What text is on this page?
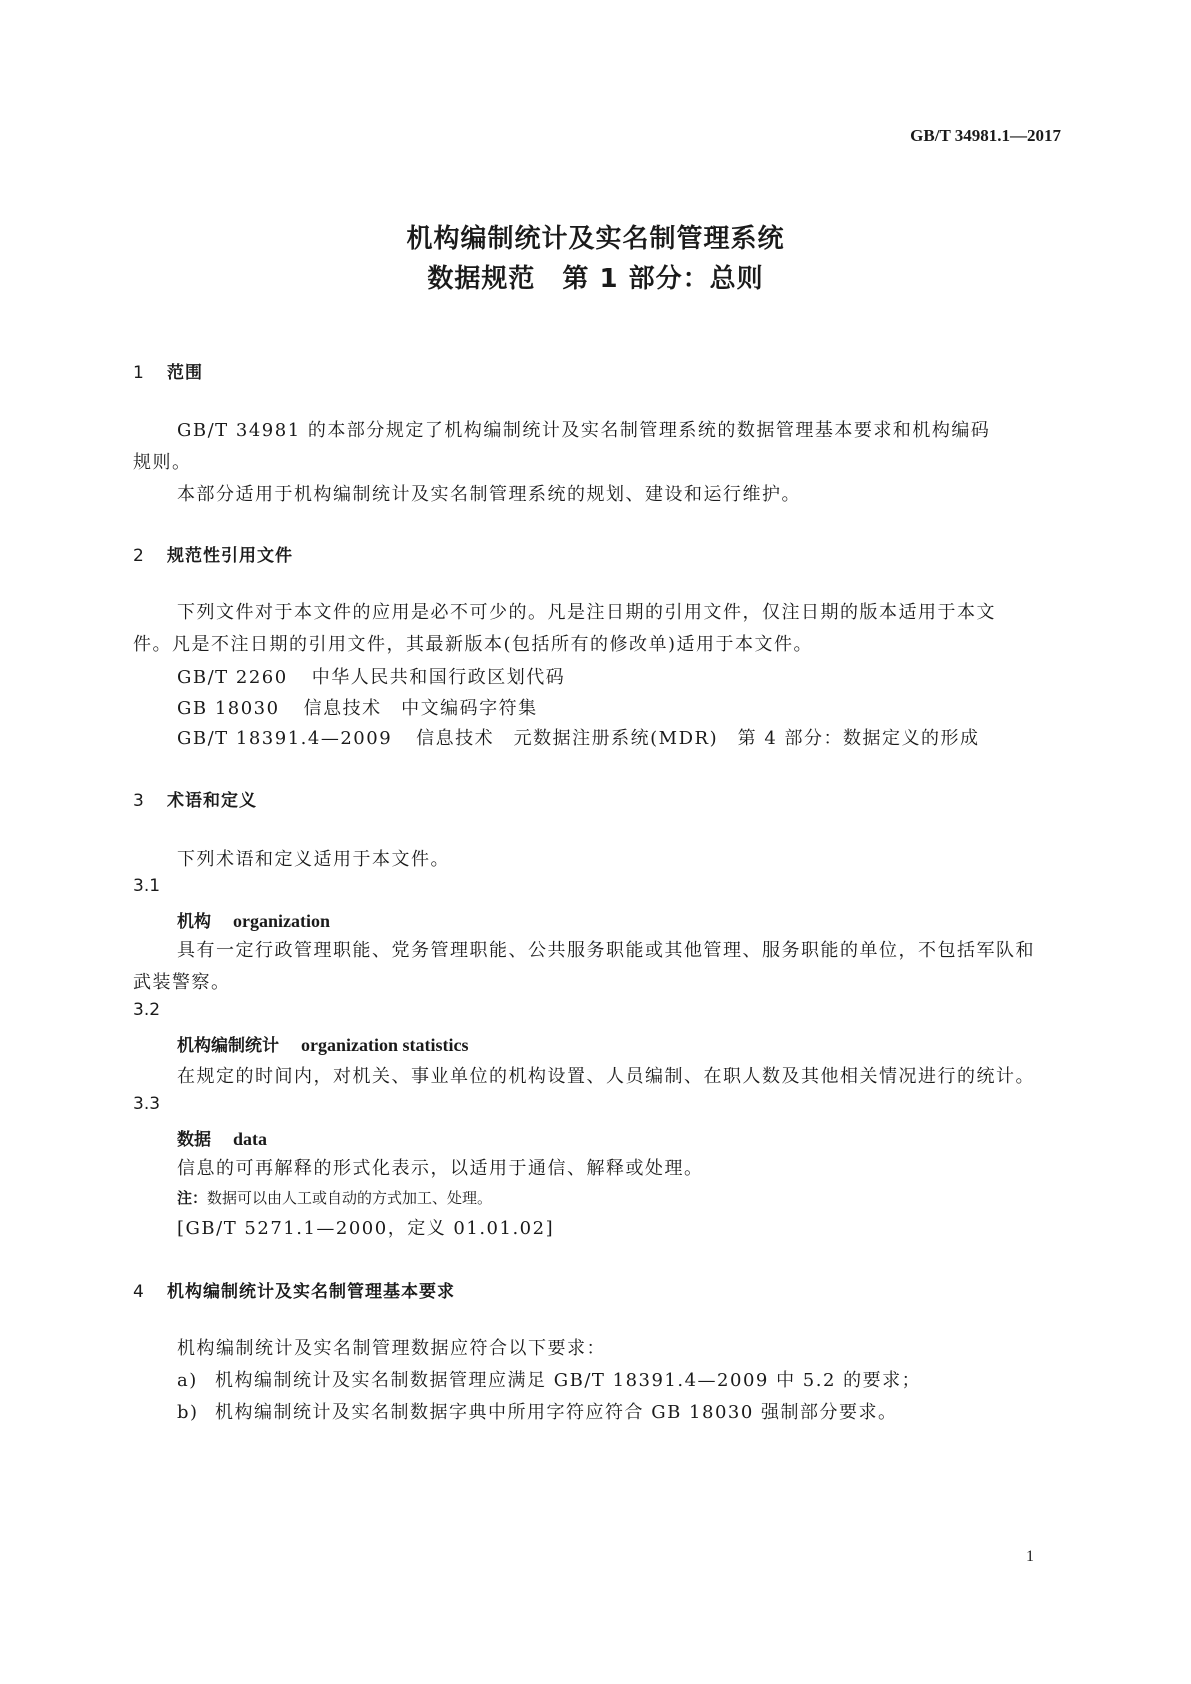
GB/T 34981.1—2017
机构编制统计及实名制管理系统
数据规范　第 1 部分：总则
1 范围
GB/T 34981 的本部分规定了机构编制统计及实名制管理系统的数据管理基本要求和机构编码
规则。
本部分适用于机构编制统计及实名制管理系统的规划、建设和运行维护。
2 规范性引用文件
下列文件对于本文件的应用是必不可少的。凡是注日期的引用文件，仅注日期的版本适用于本文
件。凡是不注日期的引用文件，其最新版本(包括所有的修改单)适用于本文件。
GB/T 2260 中华人民共和国行政区划代码
GB 18030 信息技术　中文编码字符集
GB/T 18391.4—2009 信息技术　元数据注册系统(MDR)　第 4 部分：数据定义的形成
3 术语和定义
下列术语和定义适用于本文件。
3.1
机构 organization
具有一定行政管理职能、党务管理职能、公共服务职能或其他管理、服务职能的单位，不包括军队和
武装警察。
3.2
机构编制统计 organization statistics
在规定的时间内，对机关、事业单位的机构设置、人员编制、在职人数及其他相关情况进行的统计。
3.3
数据 data
信息的可再解释的形式化表示，以适用于通信、解释或处理。
注：数据可以由人工或自动的方式加工、处理。
[GB/T 5271.1—2000，定义 01.01.02]
4 机构编制统计及实名制管理基本要求
机构编制统计及实名制管理数据应符合以下要求：
a) 机构编制统计及实名制数据管理应满足 GB/T 18391.4—2009 中 5.2 的要求；
b) 机构编制统计及实名制数据字典中所用字符应符合 GB 18030 强制部分要求。
1
